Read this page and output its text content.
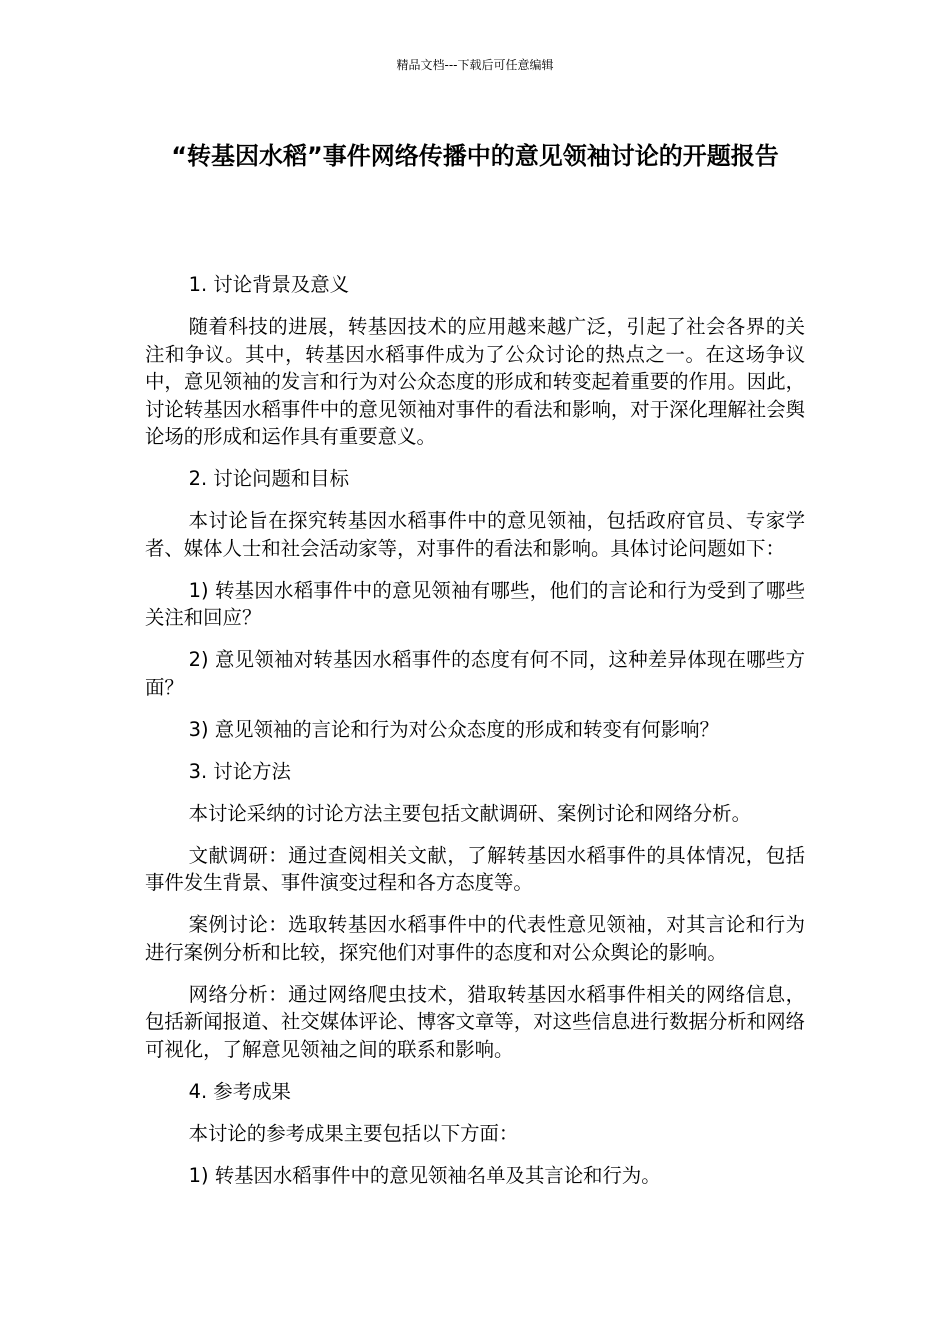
精品文档---下载后可任意编辑
“转基因水稻”事件网络传播中的意见领袖讨论的开题报告

1. 讨论背景及意义

随着科技的进展，转基因技术的应用越来越广泛，引起了社会各界的关注和争议。其中，转基因水稻事件成为了公众讨论的热点之一。在这场争议中，意见领袖的发言和行为对公众态度的形成和转变起着重要的作用。因此，讨论转基因水稻事件中的意见领袖对事件的看法和影响，对于深化理解社会舆论场的形成和运作具有重要意义。

2. 讨论问题和目标

本讨论旨在探究转基因水稻事件中的意见领袖，包括政府官员、专家学者、媒体人士和社会活动家等，对事件的看法和影响。具体讨论问题如下：

1) 转基因水稻事件中的意见领袖有哪些，他们的言论和行为受到了哪些关注和回应？

2) 意见领袖对转基因水稻事件的态度有何不同，这种差异体现在哪些方面？

3) 意见领袖的言论和行为对公众态度的形成和转变有何影响？

3. 讨论方法

本讨论采纳的讨论方法主要包括文献调研、案例讨论和网络分析。

文献调研：通过查阅相关文献，了解转基因水稻事件的具体情况，包括事件发生背景、事件演变过程和各方态度等。

案例讨论：选取转基因水稻事件中的代表性意见领袖，对其言论和行为进行案例分析和比较，探究他们对事件的态度和对公众舆论的影响。

网络分析：通过网络爬虫技术，猎取转基因水稻事件相关的网络信息，包括新闻报道、社交媒体评论、博客文章等，对这些信息进行数据分析和网络可视化，了解意见领袖之间的联系和影响。

4. 参考成果

本讨论的参考成果主要包括以下方面：

1) 转基因水稻事件中的意见领袖名单及其言论和行为。
